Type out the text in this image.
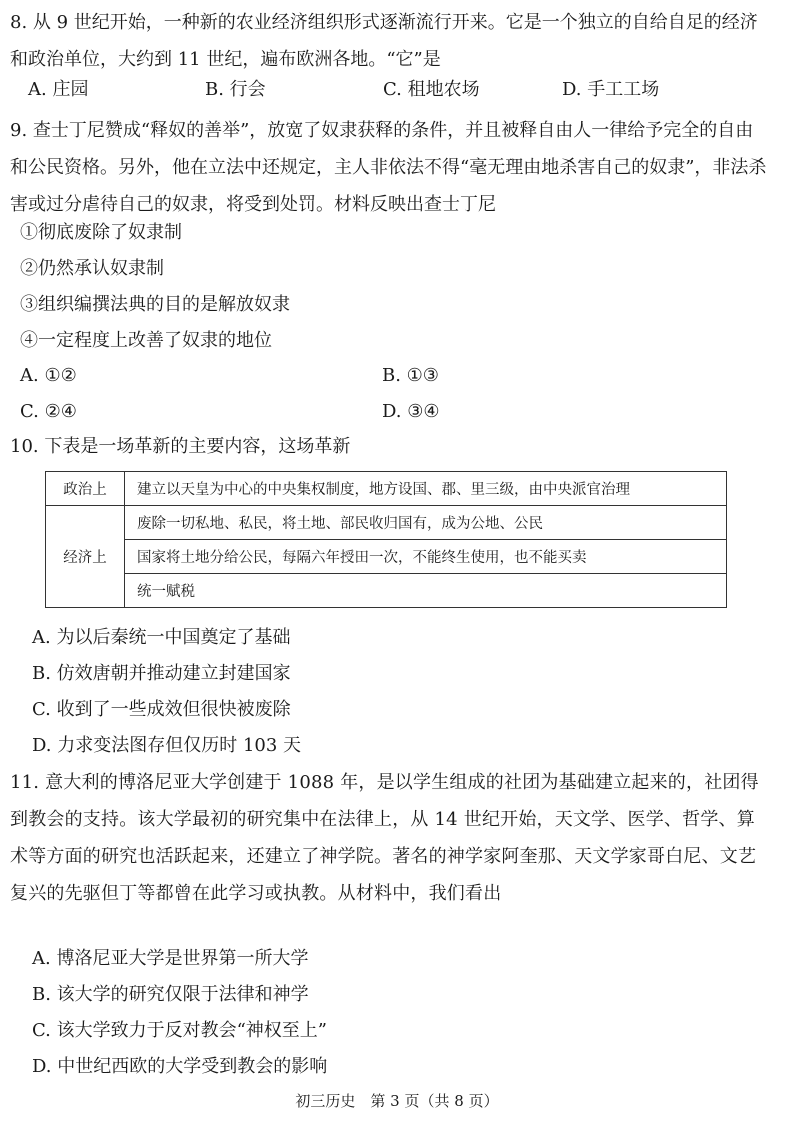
8. 从 9 世纪开始，一种新的农业经济组织形式逐渐流行开来。它是一个独立的自给自足的经济和政治单位，大约到 11 世纪，遍布欧洲各地。“它”是

A. 庄园	B. 行会	C. 租地农场	D. 手工工场

9. 查士丁尼赞成“释奴的善举”，放宽了奴隶获释的条件，并且被释自由人一律给予完全的自由和公民资格。另外，他在立法中还规定，主人非依法不得“毫无理由地杀害自己的奴隶”，非法杀害或过分虐待自己的奴隶，将受到处罚。材料反映出查士丁尼

①彻底废除了奴隶制

②仍然承认奴隶制

③组织编撰法典的目的是解放奴隶

④一定程度上改善了奴隶的地位

A. ①②	B. ①③
C. ②④	D. ③④

10. 下表是一场革新的主要内容，这场革新

政治上	建立以天皇为中心的中央集权制度，地方设国、郡、里三级，由中央派官治理
经济上	废除一切私地、私民，将土地、部民收归国有，成为公地、公民
	国家将土地分给公民，每隔六年授田一次，不能终生使用，也不能买卖
	统一赋税

A. 为以后秦统一中国奠定了基础

B. 仿效唐朝并推动建立封建国家

C. 收到了一些成效但很快被废除

D. 力求变法图存但仅历时 103 天

11. 意大利的博洛尼亚大学创建于 1088 年，是以学生组成的社团为基础建立起来的，社团得到教会的支持。该大学最初的研究集中在法律上，从 14 世纪开始，天文学、医学、哲学、算术等方面的研究也活跃起来，还建立了神学院。著名的神学家阿奎那、天文学家哥白尼、文艺复兴的先驱但丁等都曾在此学习或执教。从材料中，我们看出

A. 博洛尼亚大学是世界第一所大学

B. 该大学的研究仅限于法律和神学

C. 该大学致力于反对教会“神权至上”

D. 中世纪西欧的大学受到教会的影响

初三历史　第 3 页（共 8 页）
